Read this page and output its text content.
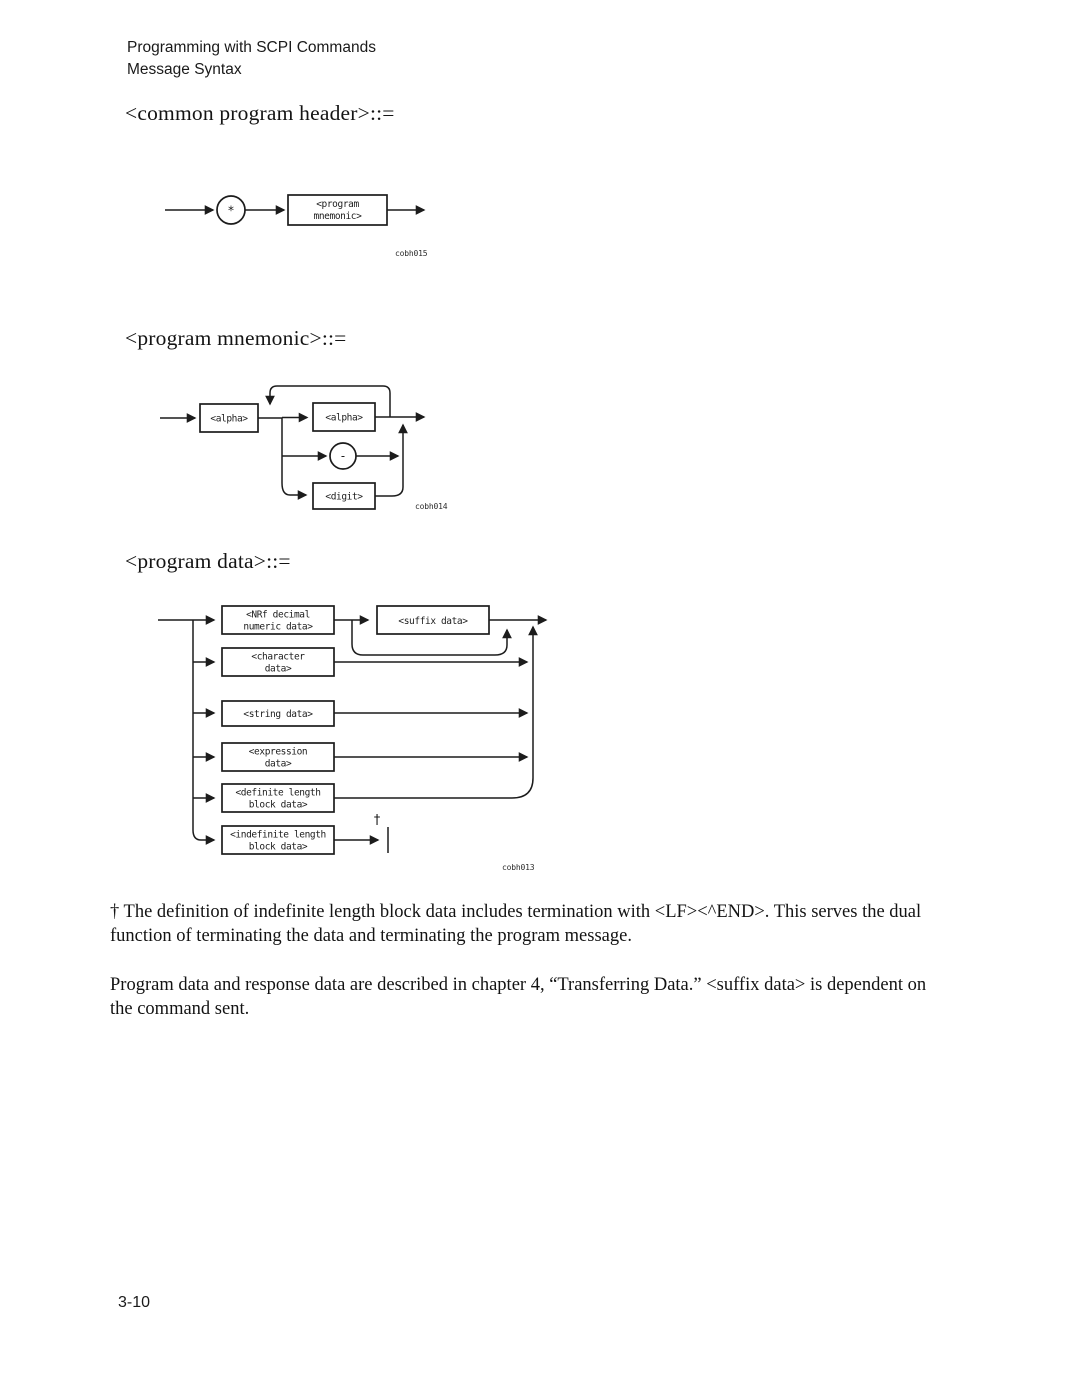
Programming with SCPI Commands
Message Syntax
<common program header>::=
*	<program
mnemonic>
cobh015
<program mnemonic>::=
<alpha>	<alpha>
-
<digit>
cobh014
<program data>::=
<NRf decimal
numeric data>
<character
data>
<string data>
<expression
data>
<definite length
block data>
<indefinite length
block data>
<suffix data>
†
cobh013
† The definition of indefinite length block data includes termination with <LF><^END>. This serves the dual function of terminating the data and terminating the program message.
Program data and response data are described in chapter 4, “Transferring Data.” <suffix data> is dependent on the command sent.
3-10
